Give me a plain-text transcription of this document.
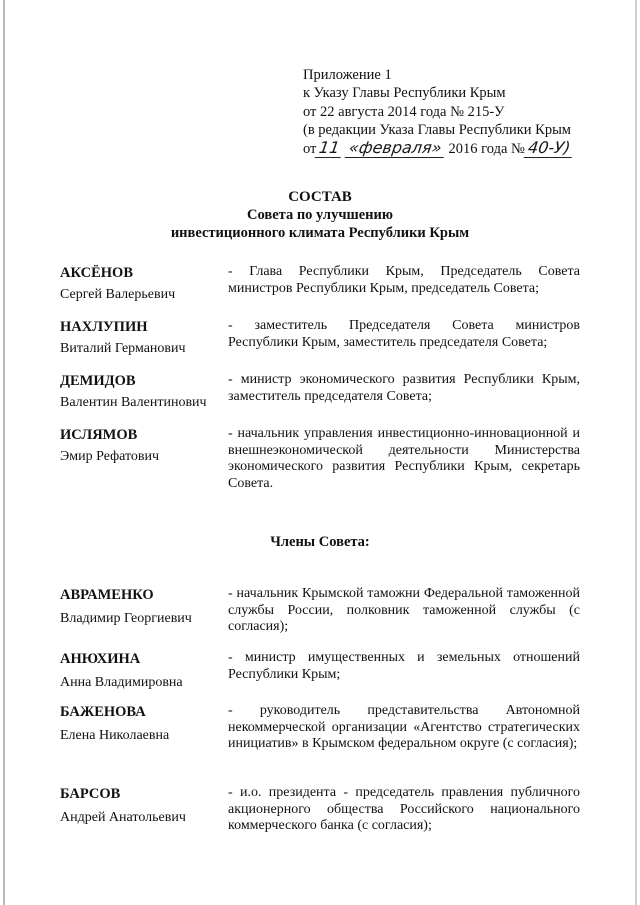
Приложение 1
к Указу Главы Республики Крым
от 22 августа 2014 года № 215-У
(в редакции Указа Главы Республики Крым
от 11 «февраля» 2016 года № 40-У)
СОСТАВ
Совета по улучшению
инвестиционного климата Республики Крым
АКСЁНОВ
Сергей Валерьевич
- Глава Республики Крым, Председатель Совета министров Республики Крым, председатель Совета;
НАХЛУПИН
Виталий Германович
- заместитель Председателя Совета министров Республики Крым, заместитель председателя Совета;
ДЕМИДОВ
Валентин Валентинович
- министр экономического развития Республики Крым, заместитель председателя Совета;
ИСЛЯМОВ
Эмир Рефатович
- начальник управления инвестиционно-инновационной и внешнеэкономической деятельности Министерства экономического развития Республики Крым, секретарь Совета.
Члены Совета:
АВРАМЕНКО
Владимир Георгиевич
- начальник Крымской таможни Федеральной таможенной службы России, полковник таможенной службы (с согласия);
АНЮХИНА
Анна Владимировна
- министр имущественных и земельных отношений Республики Крым;
БАЖЕНОВА
Елена Николаевна
- руководитель представительства Автономной некоммерческой организации «Агентство стратегических инициатив» в Крымском федеральном округе (с согласия);
БАРСОВ
Андрей Анатольевич
- и.о. президента - председатель правления публичного акционерного общества Российского национального коммерческого банка (с согласия);
